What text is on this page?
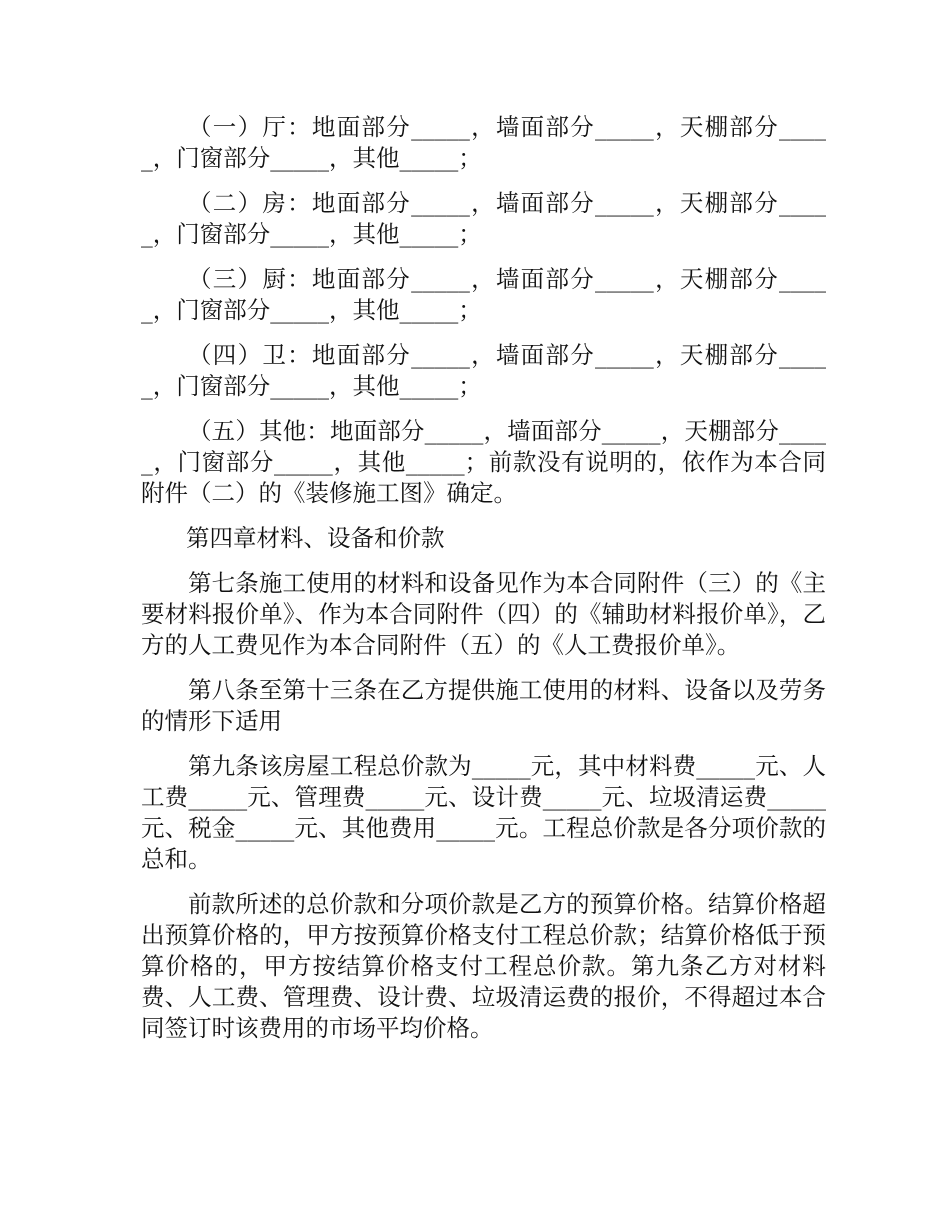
（一）厅：地面部分_____，墙面部分_____，天棚部分_____，门窗部分_____，其他_____；

（二）房：地面部分_____，墙面部分_____，天棚部分_____，门窗部分_____，其他_____；

（三）厨：地面部分_____，墙面部分_____，天棚部分_____，门窗部分_____，其他_____；

（四）卫：地面部分_____，墙面部分_____，天棚部分_____，门窗部分_____，其他_____；

（五）其他：地面部分_____，墙面部分_____，天棚部分_____，门窗部分_____，其他_____；前款没有说明的，依作为本合同附件（二）的《装修施工图》确定。

第四章材料、设备和价款

第七条施工使用的材料和设备见作为本合同附件（三）的《主要材料报价单》、作为本合同附件（四）的《辅助材料报价单》，乙方的人工费见作为本合同附件（五）的《人工费报价单》。

第八条至第十三条在乙方提供施工使用的材料、设备以及劳务的情形下适用

第九条该房屋工程总价款为_____元，其中材料费_____元、人工费_____元、管理费_____元、设计费_____元、垃圾清运费_____元、税金_____元、其他费用_____元。工程总价款是各分项价款的总和。

前款所述的总价款和分项价款是乙方的预算价格。结算价格超出预算价格的，甲方按预算价格支付工程总价款；结算价格低于预算价格的，甲方按结算价格支付工程总价款。第九条乙方对材料费、人工费、管理费、设计费、垃圾清运费的报价，不得超过本合同签订时该费用的市场平均价格。
